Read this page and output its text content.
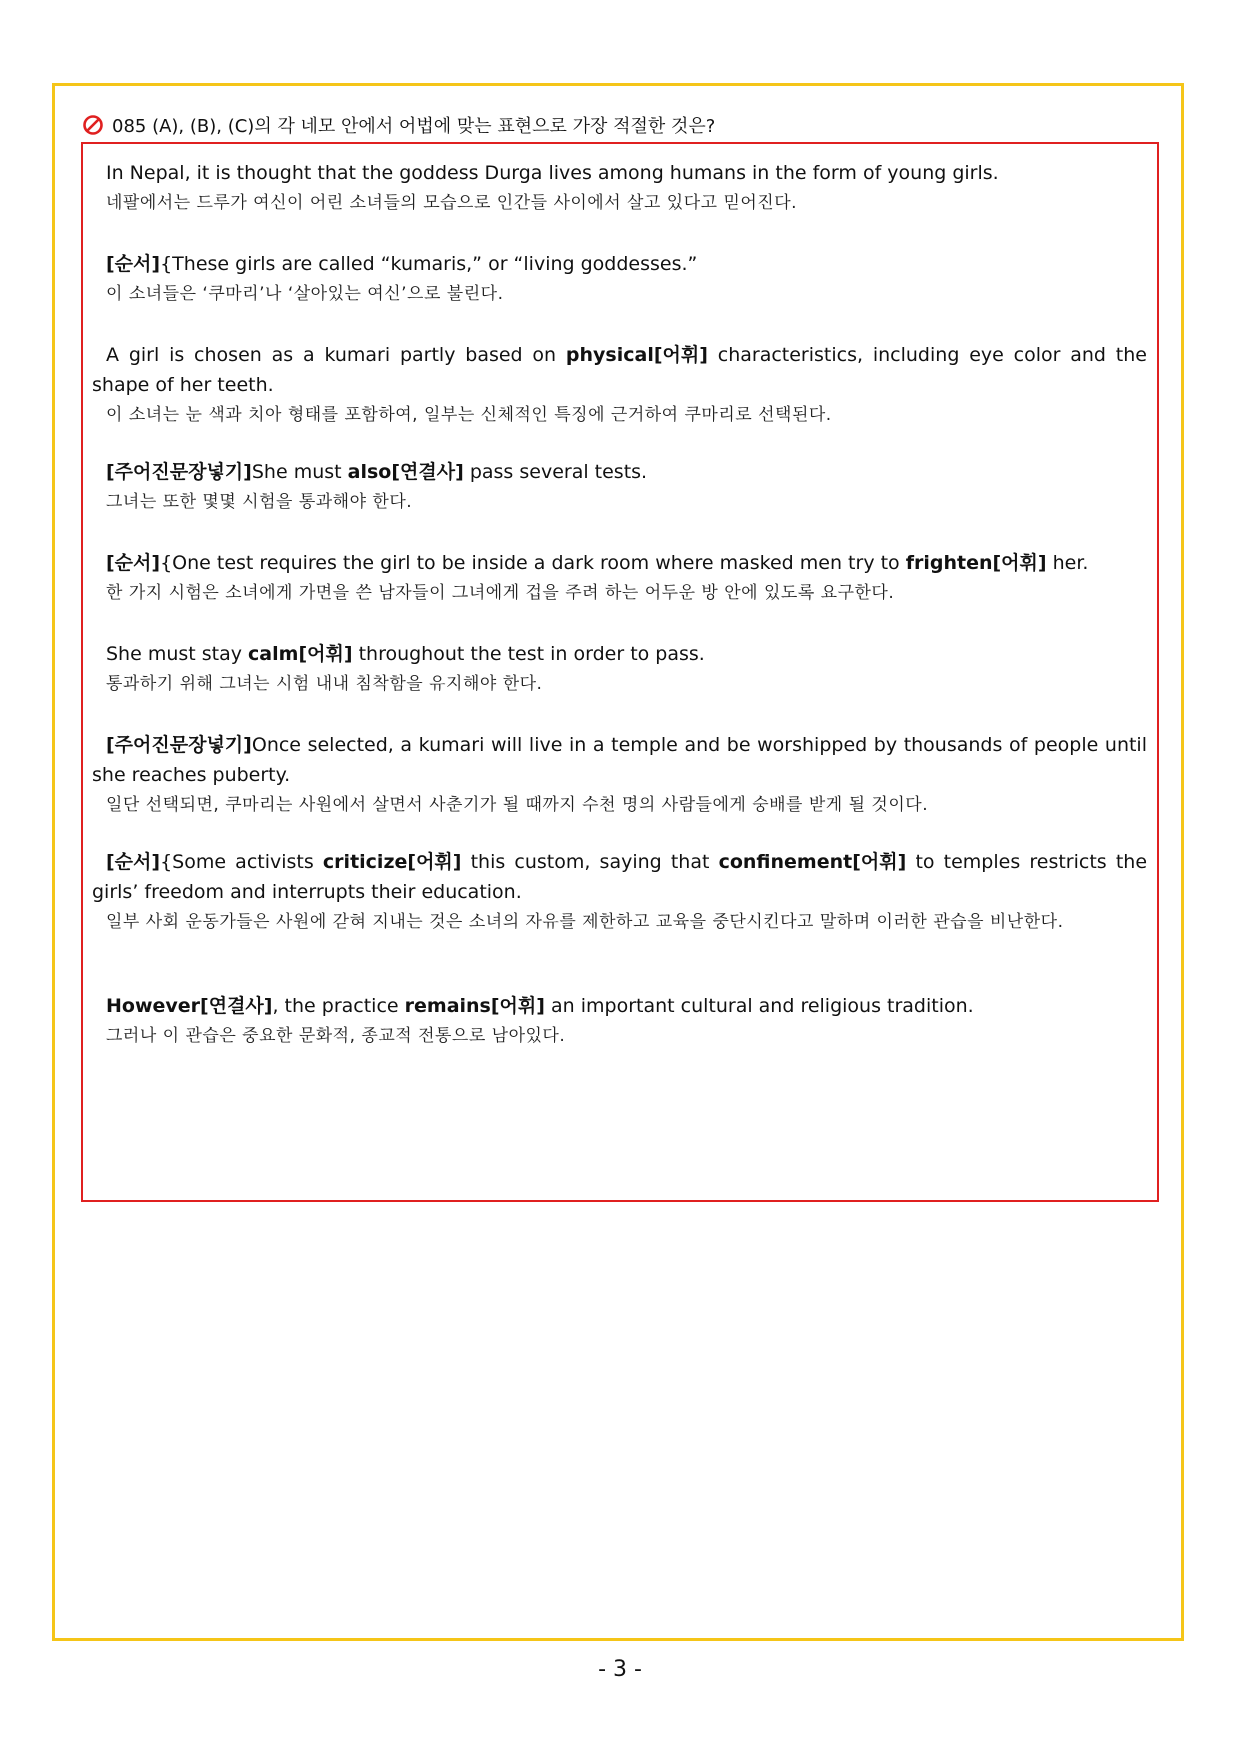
085 (A), (B), (C)의 각 네모 안에서 어법에 맞는 표현으로 가장 적절한 것은?

In Nepal, it is thought that the goddess Durga lives among humans in the form of young girls.

네팔에서는 드루가 여신이 어린 소녀들의 모습으로 인간들 사이에서 살고 있다고 믿어진다.

[순서]{These girls are called “kumaris,” or “living goddesses.”

이 소녀들은 ‘쿠마리’나 ‘살아있는 여신’으로 불린다.

A girl is chosen as a kumari partly based on physical[어휘] characteristics, including eye color and the shape of her teeth.

이 소녀는 눈 색과 치아 형태를 포함하여, 일부는 신체적인 특징에 근거하여 쿠마리로 선택된다.

[주어진문장넣기]She must also[연결사] pass several tests.

그녀는 또한 몇몇 시험을 통과해야 한다.

[순서]{One test requires the girl to be inside a dark room where masked men try to frighten[어휘] her.

한 가지 시험은 소녀에게 가면을 쓴 남자들이 그녀에게 겁을 주려 하는 어두운 방 안에 있도록 요구한다.

She must stay calm[어휘] throughout the test in order to pass.

통과하기 위해 그녀는 시험 내내 침착함을 유지해야 한다.

[주어진문장넣기]Once selected, a kumari will live in a temple and be worshipped by thousands of people until she reaches puberty.

일단 선택되면, 쿠마리는 사원에서 살면서 사춘기가 될 때까지 수천 명의 사람들에게 숭배를 받게 될 것이다.

[순서]{Some activists criticize[어휘] this custom, saying that confinement[어휘] to temples restricts the girls’ freedom and interrupts their education.

일부 사회 운동가들은 사원에 갇혀 지내는 것은 소녀의 자유를 제한하고 교육을 중단시킨다고 말하며 이러한 관습을 비난한다.

However[연결사], the practice remains[어휘] an important cultural and religious tradition.

그러나 이 관습은 중요한 문화적, 종교적 전통으로 남아있다.

- 3 -
